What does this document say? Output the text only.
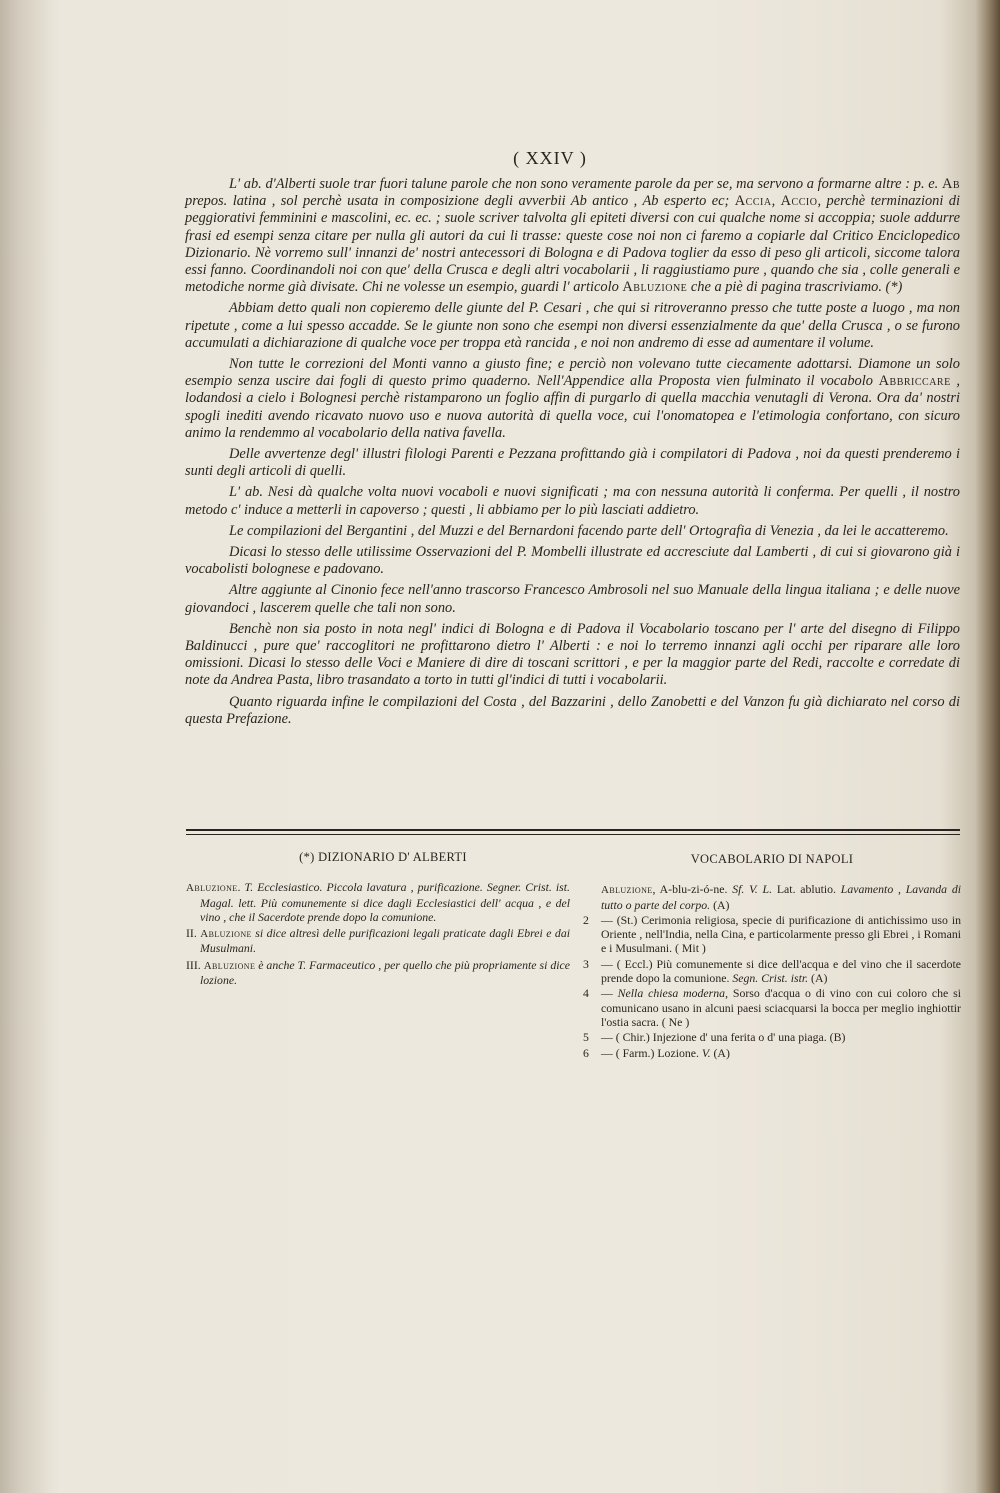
( XXIV )

L' ab. d'Alberti suole trar fuori talune parole che non sono veramente parole da per se, ma servono a formarne altre : p. e. Ab prepos. latina , sol perchè usata in composizione degli avverbii Ab antico , Ab esperto ec; Accia, Accio, perchè terminazioni di peggiorativi femminini e mascolini, ec. ec. ; suole scriver talvolta gli epiteti diversi con cui qualche nome si accoppia; suole addurre frasi ed esempi senza citare per nulla gli autori da cui li trasse: queste cose noi non ci faremo a copiarle dal Critico Enciclopedico Dizionario. Nè vorremo sull' innanzi de' nostri antecessori di Bologna e di Padova toglier da esso di peso gli articoli, siccome talora essi fanno. Coordinandoli noi con que' della Crusca e degli altri vocabolarii , li raggiustiamo pure , quando che sia , colle generali e metodiche norme già divisate. Chi ne volesse un esempio, guardi l' articolo Abluzione che a piè di pagina trascriviamo. (*)

Abbiam detto quali non copieremo delle giunte del P. Cesari , che qui si ritroveranno presso che tutte poste a luogo , ma non ripetute , come a lui spesso accadde. Se le giunte non sono che esempi non diversi essenzialmente da que' della Crusca , o se furono accumulati a dichiarazione di qualche voce per troppa età rancida , e noi non andremo di esse ad aumentare il volume.

Non tutte le correzioni del Monti vanno a giusto fine; e perciò non volevano tutte ciecamente adottarsi. Diamone un solo esempio senza uscire dai fogli di questo primo quaderno. Nell'Appendice alla Proposta vien fulminato il vocabolo Abbriccare , lodandosi a cielo i Bolognesi perchè ristamparono un foglio affin di purgarlo di quella macchia venutagli di Verona. Ora da' nostri spogli inediti avendo ricavato nuovo uso e nuova autorità di quella voce, cui l'onomatopea e l'etimologia confortano, con sicuro animo la rendemmo al vocabolario della nativa favella.

Delle avvertenze degl' illustri filologi Parenti e Pezzana profittando già i compilatori di Padova , noi da questi prenderemo i sunti degli articoli di quelli.

L' ab. Nesi dà qualche volta nuovi vocaboli e nuovi significati ; ma con nessuna autorità li conferma. Per quelli , il nostro metodo c' induce a metterli in capoverso ; questi , li abbiamo per lo più lasciati addietro.

Le compilazioni del Bergantini , del Muzzi e del Bernardoni facendo parte dell' Ortografia di Venezia , da lei le accatteremo.

Dicasi lo stesso delle utilissime Osservazioni del P. Mombelli illustrate ed accresciute dal Lamberti , di cui si giovarono già i vocabolisti bolognese e padovano.

Altre aggiunte al Cinonio fece nell'anno trascorso Francesco Ambrosoli nel suo Manuale della lingua italiana ; e delle nuove giovandoci , lascerem quelle che tali non sono.

Benchè non sia posto in nota negl' indici di Bologna e di Padova il Vocabolario toscano per l' arte del disegno di Filippo Baldinucci , pure que' raccoglitori ne profittarono dietro l' Alberti : e noi lo terremo innanzi agli occhi per riparare alle loro omissioni. Dicasi lo stesso delle Voci e Maniere di dire di toscani scrittori , e per la maggior parte del Redi, raccolte e corredate di note da Andrea Pasta, libro trasandato a torto in tutti gl'indici di tutti i vocabolarii.

Quanto riguarda infine le compilazioni del Costa , del Bazzarini , dello Zanobetti e del Vanzon fu già dichiarato nel corso di questa Prefazione.

(*) DIZIONARIO D' ALBERTI
Abluzione. T. Ecclesiastico. Piccola lavatura , purificazione. Segner. Crist. ist. Magal. lett. Più comunemente si dice dagli Ecclesiastici dell' acqua , e del vino , che il Sacerdote prende dopo la comunione.
II. Abluzione si dice altresì delle purificazioni legali praticate dagli Ebrei e dai Musulmani.
III. Abluzione è anche T. Farmaceutico , per quello che più propriamente si dice lozione.
VOCABOLARIO DI NAPOLI
Abluzione, A-blu-zi-ó-ne. Sf. V. L. Lat. ablutio. Lavamento , Lavanda di tutto o parte del corpo. (A)
2	— (St.) Cerimonia religiosa, specie di purificazione di antichissimo uso in Oriente , nell'India, nella Cina, e particolarmente presso gli Ebrei , i Romani e i Musulmani. ( Mit )
3	— ( Eccl.) Più comunemente si dice dell'acqua e del vino che il sacerdote prende dopo la comunione. Segn. Crist. istr. (A)
4	— Nella chiesa moderna, Sorso d'acqua o di vino con cui coloro che si comunicano usano in alcuni paesi sciacquarsi la bocca per meglio inghiottir l'ostia sacra. ( Ne )
5	— ( Chir.) Injezione d' una ferita o d' una piaga. (B)
6	— ( Farm.) Lozione. V. (A)
